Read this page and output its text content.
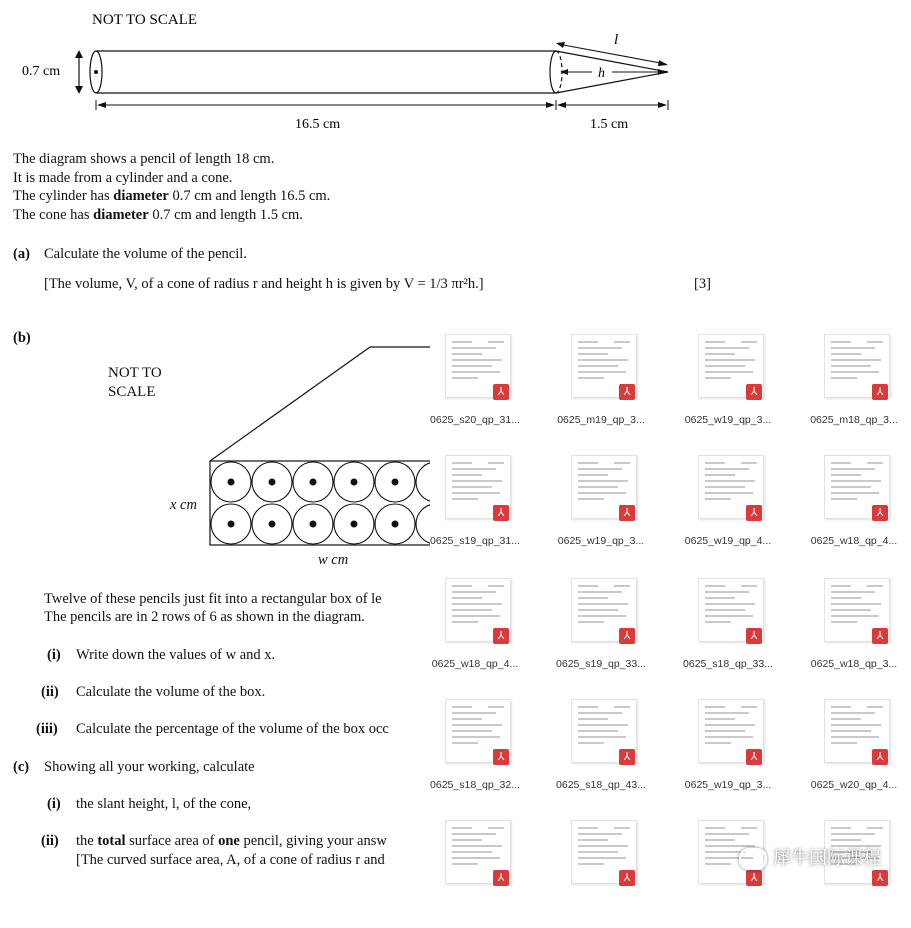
NOT TO SCALE
0.7 cm	h
l
16.5 cm	1.5 cm
The diagram shows a pencil of length 18 cm.
It is made from a cylinder and a cone.
The cylinder has diameter 0.7 cm and length 16.5 cm.
The cone has diameter 0.7 cm and length 1.5 cm.
(a) Calculate the volume of the pencil.
[The volume, V, of a cone of radius r and height h is given by V = 1/3 πr²h.]	[3]
(b)
NOT TO
SCALE
x cm
w cm
Twelve of these pencils just fit into a rectangular box of le
The pencils are in 2 rows of 6 as shown in the diagram.
(i) Write down the values of w and x.
(ii) Calculate the volume of the box.
(iii) Calculate the percentage of the volume of the box occ
(c) Showing all your working, calculate
(i) the slant height, l, of the cone,
(ii) the total surface area of one pencil, giving your answ
[The curved surface area, A, of a cone of radius r and
⅄
0625_s20_qp_31...
⅄
0625_m19_qp_3...
⅄
0625_w19_qp_3...
⅄
0625_m18_qp_3...
⅄
0625_s19_qp_31...
⅄
0625_w19_qp_3...
⅄
0625_w19_qp_4...
⅄
0625_w18_qp_4...
⅄
0625_w18_qp_4...
⅄
0625_s19_qp_33...
⅄
0625_s18_qp_33...
⅄
0625_w18_qp_3...
⅄
0625_s18_qp_32...
⅄
0625_s18_qp_43...
⅄
0625_w19_qp_3...
⅄
0625_w20_qp_4...
⅄	⅄	⅄	⅄
犀牛国际课程
